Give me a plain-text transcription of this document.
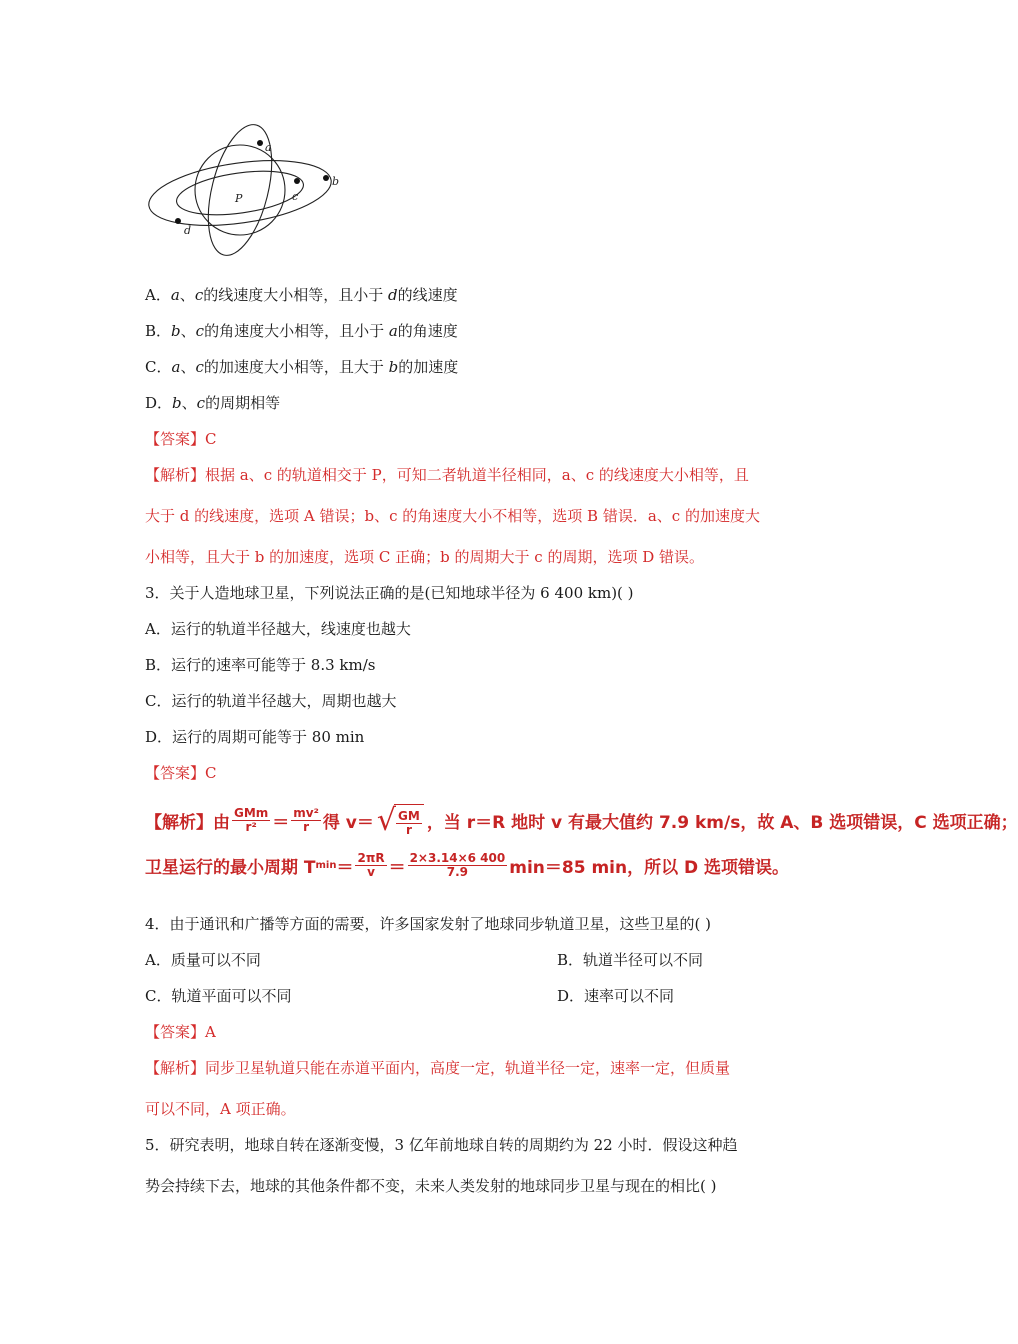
a
b
c
d
P
A．a、c的线速度大小相等，且小于 d的线速度
B．b、c的角速度大小相等，且小于 a的角速度
C．a、c的加速度大小相等，且大于 b的加速度
D．b、c的周期相等
【答案】C
【解析】根据 a、c 的轨道相交于 P，可知二者轨道半径相同，a、c 的线速度大小相等，且
大于 d 的线速度，选项 A 错误；b、c 的角速度大小不相等，选项 B 错误．a、c 的加速度大
小相等，且大于 b 的加速度，选项 C 正确；b 的周期大于 c 的周期，选项 D 错误。
3．关于人造地球卫星，下列说法正确的是(已知地球半径为 6 400 km)( )
A．运行的轨道半径越大，线速度也越大
B．运行的速率可能等于 8.3 km/s
C．运行的轨道半径越大，周期也越大
D．运行的周期可能等于 80 min
【答案】C
【解析】 由 $\frac{\text{GMm}}{\text{r²}} = \frac{\text{mv²}}{r}$ 得 v＝ √ $\frac{GM}{r}$ ，当 r＝R 地时 v 有最大值约 7.9 km/s，故 A、B 选项错误，C 选项正确；
卫星运行的最小周期 T $\min = \frac{2\pi R}{v} = \frac{2\times 3.14\times 6 400}{7.9} \min=85$ min，所以 D 选项错误。
4．由于通讯和广播等方面的需要，许多国家发射了地球同步轨道卫星，这些卫星的( )
A．质量可以不同	B．轨道半径可以不同
C．轨道平面可以不同	D．速率可以不同
【答案】A
【解析】同步卫星轨道只能在赤道平面内，高度一定，轨道半径一定，速率一定，但质量
可以不同，A 项正确。
5．研究表明，地球自转在逐渐变慢，3 亿年前地球自转的周期约为 22 小时．假设这种趋
势会持续下去，地球的其他条件都不变，未来人类发射的地球同步卫星与现在的相比( )
